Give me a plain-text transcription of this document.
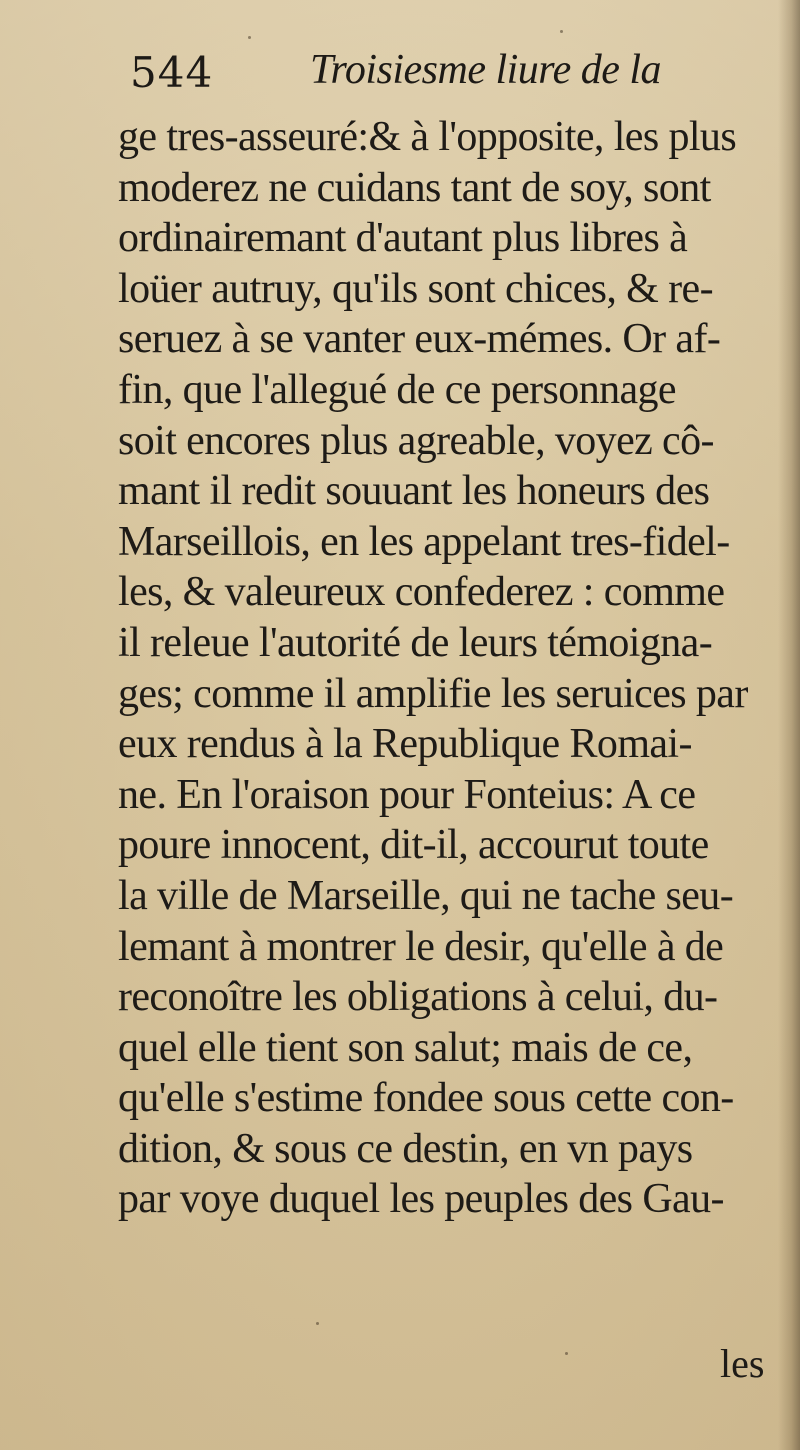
544 Troisiesme liure de la
ge tres-asseuré:& à l'opposite, les plus
moderez ne cuidans tant de soy, sont
ordinairemant d'autant plus libres à
loüer autruy, qu'ils sont chices, & re-
seruez à se vanter eux-mémes. Or af-
fin, que l'allegué de ce personnage
soit encores plus agreable, voyez cô-
mant il redit souuant les honeurs des
Marseillois, en les appelant tres-fidel-
les, & valeureux confederez : comme
il releue l'autorité de leurs témoigna-
ges; comme il amplifie les seruices par
eux rendus à la Republique Romai-
ne. En l'oraison pour Fonteius: A ce
poure innocent, dit-il, accourut toute
la ville de Marseille, qui ne tache seu-
lemant à montrer le desir, qu'elle à de
reconoître les obligations à celui, du-
quel elle tient son salut; mais de ce,
qu'elle s'estime fondee sous cette con-
dition, & sous ce destin, en vn pays
par voye duquel les peuples des Gau-
les
